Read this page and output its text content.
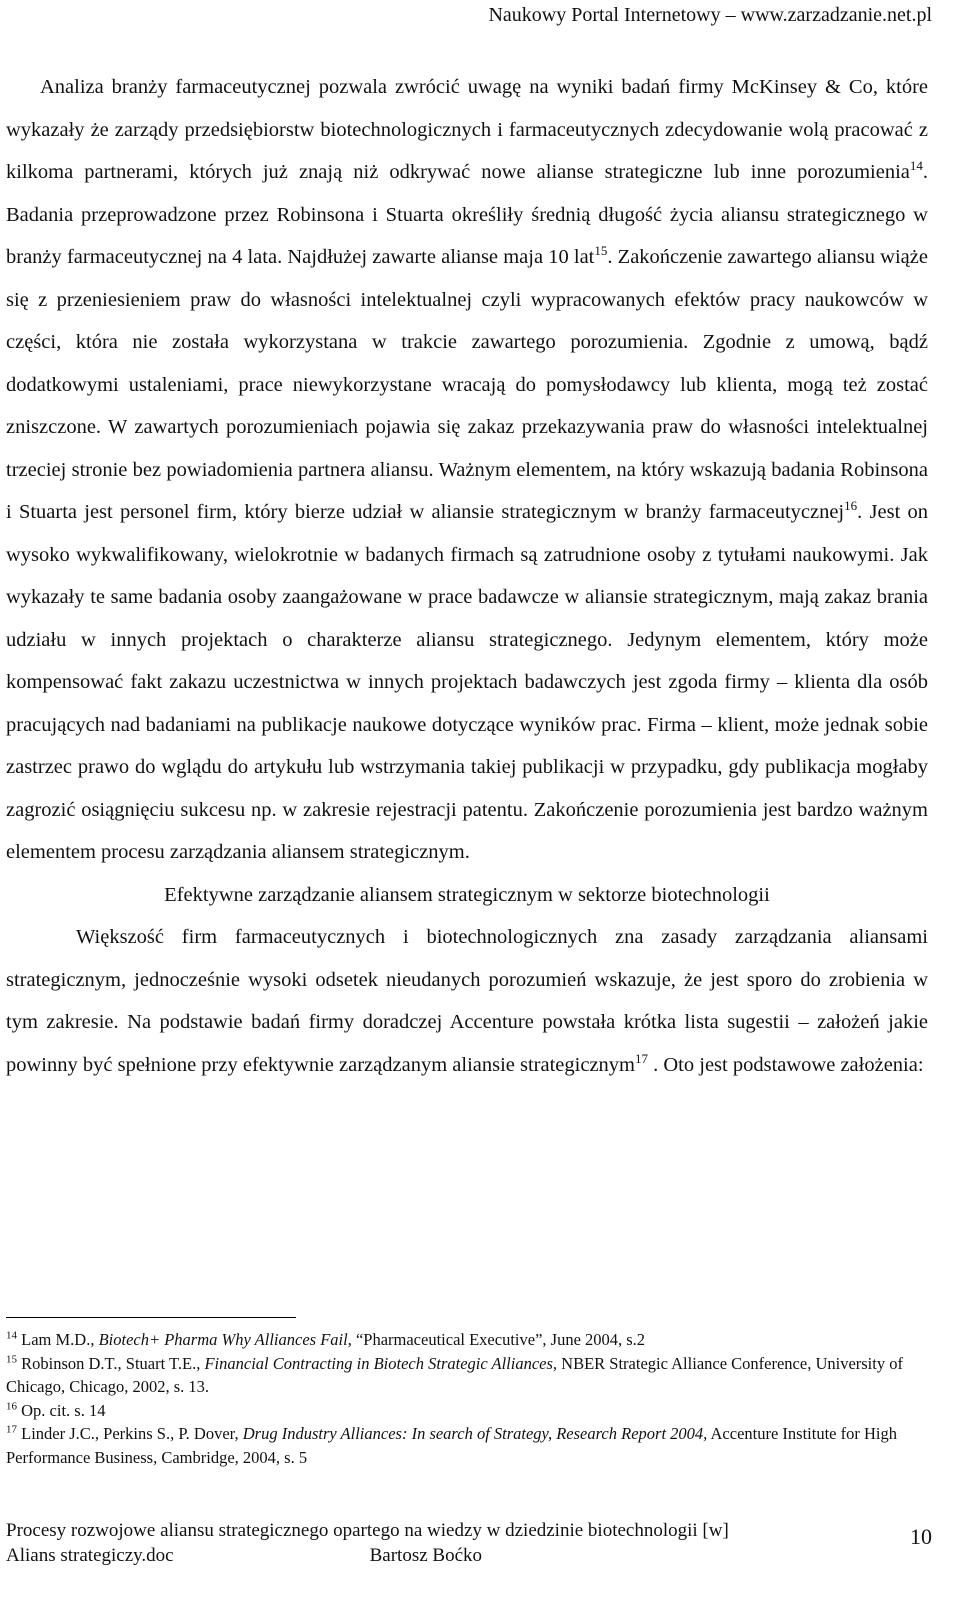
Naukowy Portal Internetowy – www.zarzadzanie.net.pl

Analiza branży farmaceutycznej pozwala zwrócić uwagę na wyniki badań firmy McKinsey & Co, które wykazały że zarządy przedsiębiorstw biotechnologicznych i farmaceutycznych zdecydowanie wolą pracować z kilkoma partnerami, których już znają niż odkrywać nowe alianse strategiczne lub inne porozumienia$^{14}$. Badania przeprowadzone przez Robinsona i Stuarta określiły średnią długość życia aliansu strategicznego w branży farmaceutycznej na 4 lata. Najdłużej zawarte alianse maja 10 lat$^{15}$. Zakończenie zawartego aliansu wiąże się z przeniesieniem praw do własności intelektualnej czyli wypracowanych efektów pracy naukowców w części, która nie została wykorzystana w trakcie zawartego porozumienia. Zgodnie z umową, bądź dodatkowymi ustaleniami, prace niewykorzystane wracają do pomysłodawcy lub klienta, mogą też zostać zniszczone. W zawartych porozumieniach pojawia się zakaz przekazywania praw do własności intelektualnej trzeciej stronie bez powiadomienia partnera aliansu. Ważnym elementem, na który wskazują badania Robinsona i Stuarta jest personel firm, który bierze udział w aliansie strategicznym w branży farmaceutycznej$^{16}$. Jest on wysoko wykwalifikowany, wielokrotnie w badanych firmach są zatrudnione osoby z tytułami naukowymi. Jak wykazały te same badania osoby zaangażowane w prace badawcze w aliansie strategicznym, mają zakaz brania udziału w innych projektach o charakterze aliansu strategicznego. Jedynym elementem, który może kompensować fakt zakazu uczestnictwa w innych projektach badawczych jest zgoda firmy – klienta dla osób pracujących nad badaniami na publikacje naukowe dotyczące wyników prac. Firma – klient, może jednak sobie zastrzec prawo do wglądu do artykułu lub wstrzymania takiej publikacji w przypadku, gdy publikacja mogłaby zagrozić osiągnięciu sukcesu np. w zakresie rejestracji patentu. Zakończenie porozumienia jest bardzo ważnym elementem procesu zarządzania aliansem strategicznym.

Efektywne zarządzanie aliansem strategicznym w sektorze biotechnologii

Większość firm farmaceutycznych i biotechnologicznych zna zasady zarządzania aliansami strategicznym, jednocześnie wysoki odsetek nieudanych porozumień wskazuje, że jest sporo do zrobienia w tym zakresie. Na podstawie badań firmy doradczej Accenture powstała krótka lista sugestii – założeń jakie powinny być spełnione przy efektywnie zarządzanym aliansie strategicznym$^{17}$ . Oto jest podstawowe założenia:

$^{14}$ Lam M.D., Biotech+ Pharma Why Alliances Fail, “Pharmaceutical Executive”, June 2004, s.2

$^{15}$ Robinson D.T., Stuart T.E., Financial Contracting in Biotech Strategic Alliances, NBER Strategic Alliance Conference, University of Chicago, Chicago, 2002, s. 13.

$^{16}$ Op. cit. s. 14

$^{17}$ Linder J.C., Perkins S., P. Dover, Drug Industry Alliances: In search of Strategy, Research Report 2004, Accenture Institute for High Performance Business, Cambridge, 2004, s. 5

Procesy rozwojowe aliansu strategicznego opartego na wiedzy w dziedzinie biotechnologii [w]
Alians strategiczy.doc	Bartosz Boćko
10
